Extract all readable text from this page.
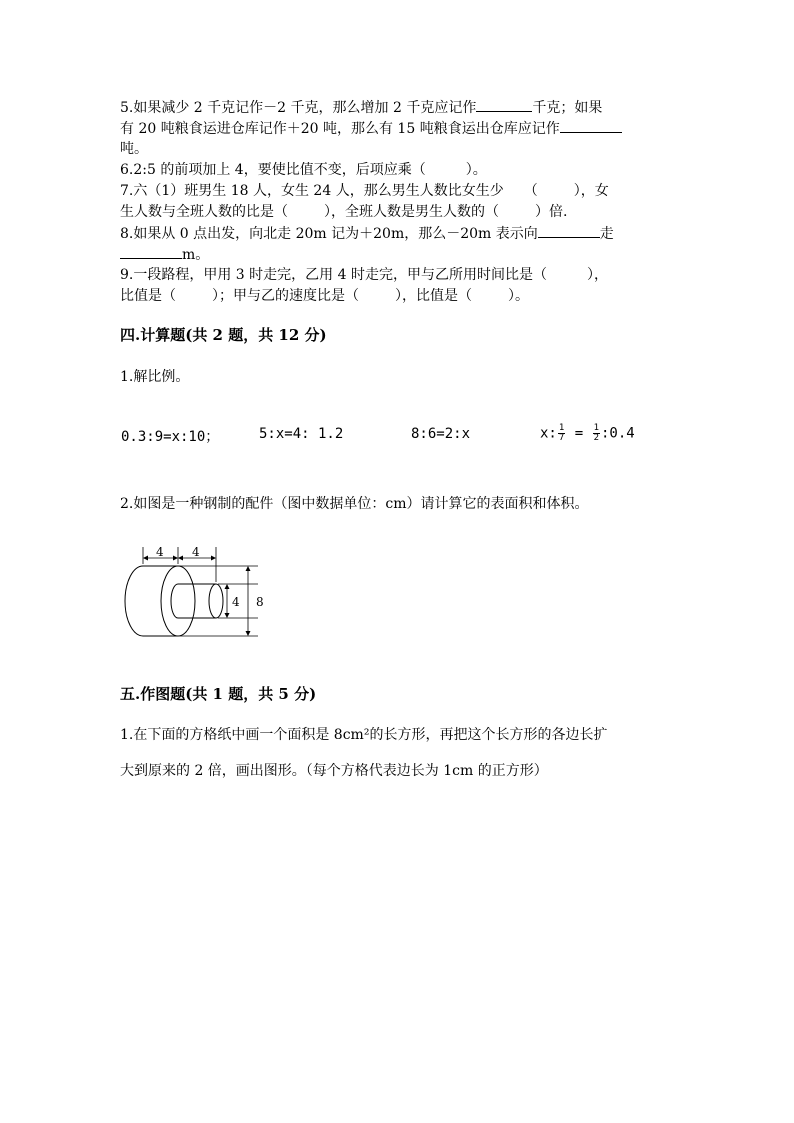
5.如果减少 2 千克记作－2 千克，那么增加 2 千克应记作	千克；如果
有 20 吨粮食运进仓库记作＋20 吨，那么有 15 吨粮食运出仓库应记作
吨。
6.2:5 的前项加上 4，要使比值不变，后项应乘（	）。
7.六（1）班男生 18 人，女生 24 人，那么男生人数比女生少 （	），女
生人数与全班人数的比是（	），全班人数是男生人数的（	）倍.
8.如果从 0 点出发，向北走 20m 记为＋20m，那么－20m 表示向	走
m。
9.一段路程，甲用 3 时走完，乙用 4 时走完，甲与乙所用时间比是（	），
比值是（	）；甲与乙的速度比是（	），比值是（	）。
四.计算题(共 2 题，共 12 分)
1.解比例。
0.3:9=x:10；	5:x=4: 1.2	8:6=2:x	x: $\frac{1}{7} = \frac{1}{2}$ :0.4
2.如图是一种钢制的配件（图中数据单位：cm）请计算它的表面积和体积。
4 4
4 8
五.作图题(共 1 题，共 5 分)
1.在下面的方格纸中画一个面积是 8cm²的长方形，再把这个长方形的各边长扩
大到原来的 2 倍，画出图形。（每个方格代表边长为 1cm 的正方形）
